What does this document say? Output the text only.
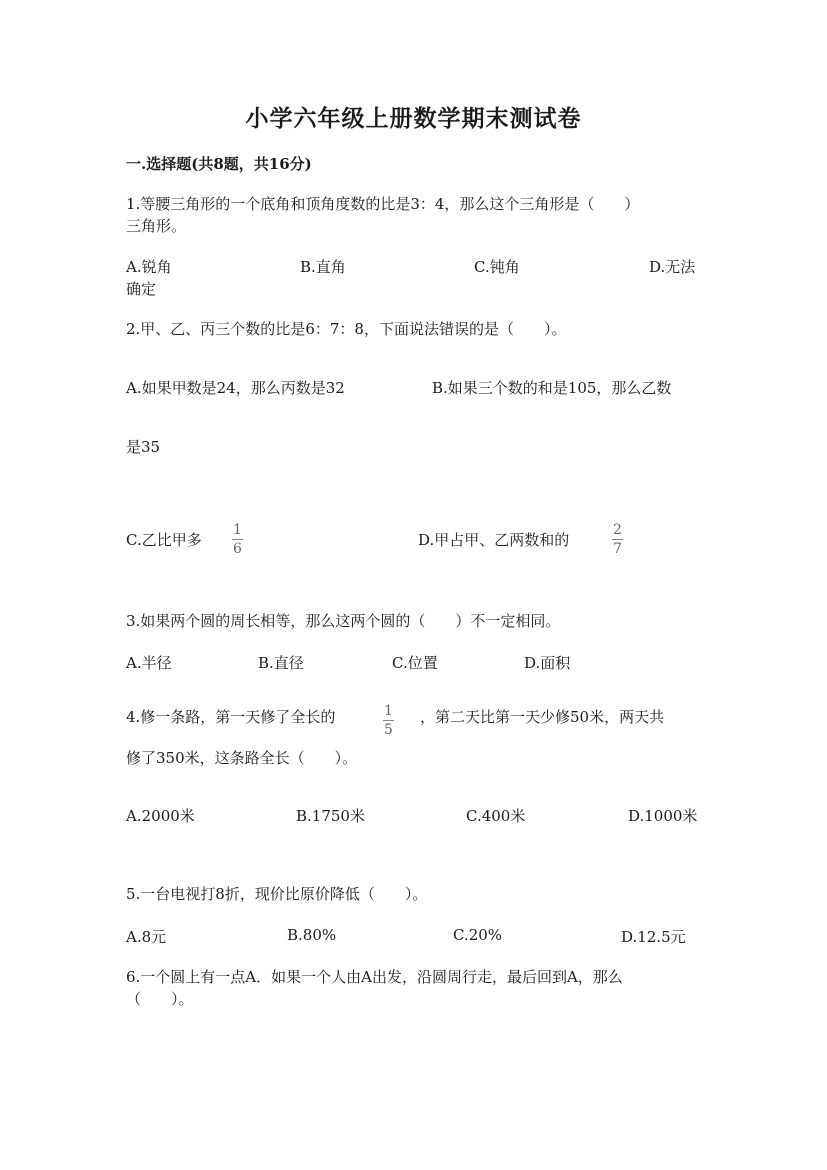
小学六年级上册数学期末测试卷
一.选择题(共8题，共16分)
1.等腰三角形的一个底角和顶角度数的比是3：4，那么这个三角形是（　　）
三角形。
A.锐角	B.直角	C.钝角	D.无法
确定
2.甲、乙、丙三个数的比是6：7：8，下面说法错误的是（　　）。
A.如果甲数是24，那么丙数是32	B.如果三个数的和是105，那么乙数
是35
C.乙比甲多
1
6	D.甲占甲、乙两数和的
2
7
3.如果两个圆的周长相等，那么这两个圆的（　　）不一定相同。
A.半径	B.直径	C.位置	D.面积
4.修一条路，第一天修了全长的	1
5
，第二天比第一天少修50米，两天共
修了350米，这条路全长（　　）。
A.2000米	B.1750米	C.400米	D.1000米
5.一台电视打8折，现价比原价降低（　　）。
A.8元	B.80%	C.20%	D.12.5元
6.一个圆上有一点A．如果一个人由A出发，沿圆周行走，最后回到A，那么
（　　）。
